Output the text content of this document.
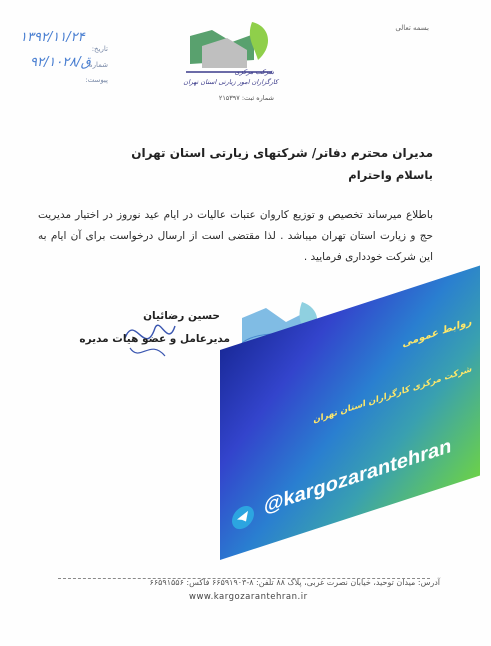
بسمه تعالی
۱۳۹۲/۱۱/۲۴
تاریخ:
شماره:
۹۲/۱۰۲۸/ق
پیوست:
شرکت مرکزی
کارگزاران امور زیارتی استان تهران
شماره ثبت: ۲۱۵۳۹۷
مدیران محترم دفاتر/ شرکتهای زیارتی استان تهران
باسلام واحترام
باطلاع میرساند تخصیص و توزیع کاروان عتبات عالیات در ایام عید نوروز در اختیار مدیریت حج و زیارت استان تهران میباشد . لذا مقتضی است از ارسال درخواست برای آن ایام به این شرکت خودداری فرمایید .
حسین رضائیان
مدیرعامل و عضو هیات مدیره	روابط عمومی
شرکت مرکزی کارگزاران استان تهران
@kargozarantehran
آدرس: میدان توحید، خیابان نصرت غربی، پلاک ۸۸ تلفن: ۸-۶۶۵۹۱۹۰۳ فاکس: ۶۶۵۹۱۵۵۶
www.kargozarantehran.ir
